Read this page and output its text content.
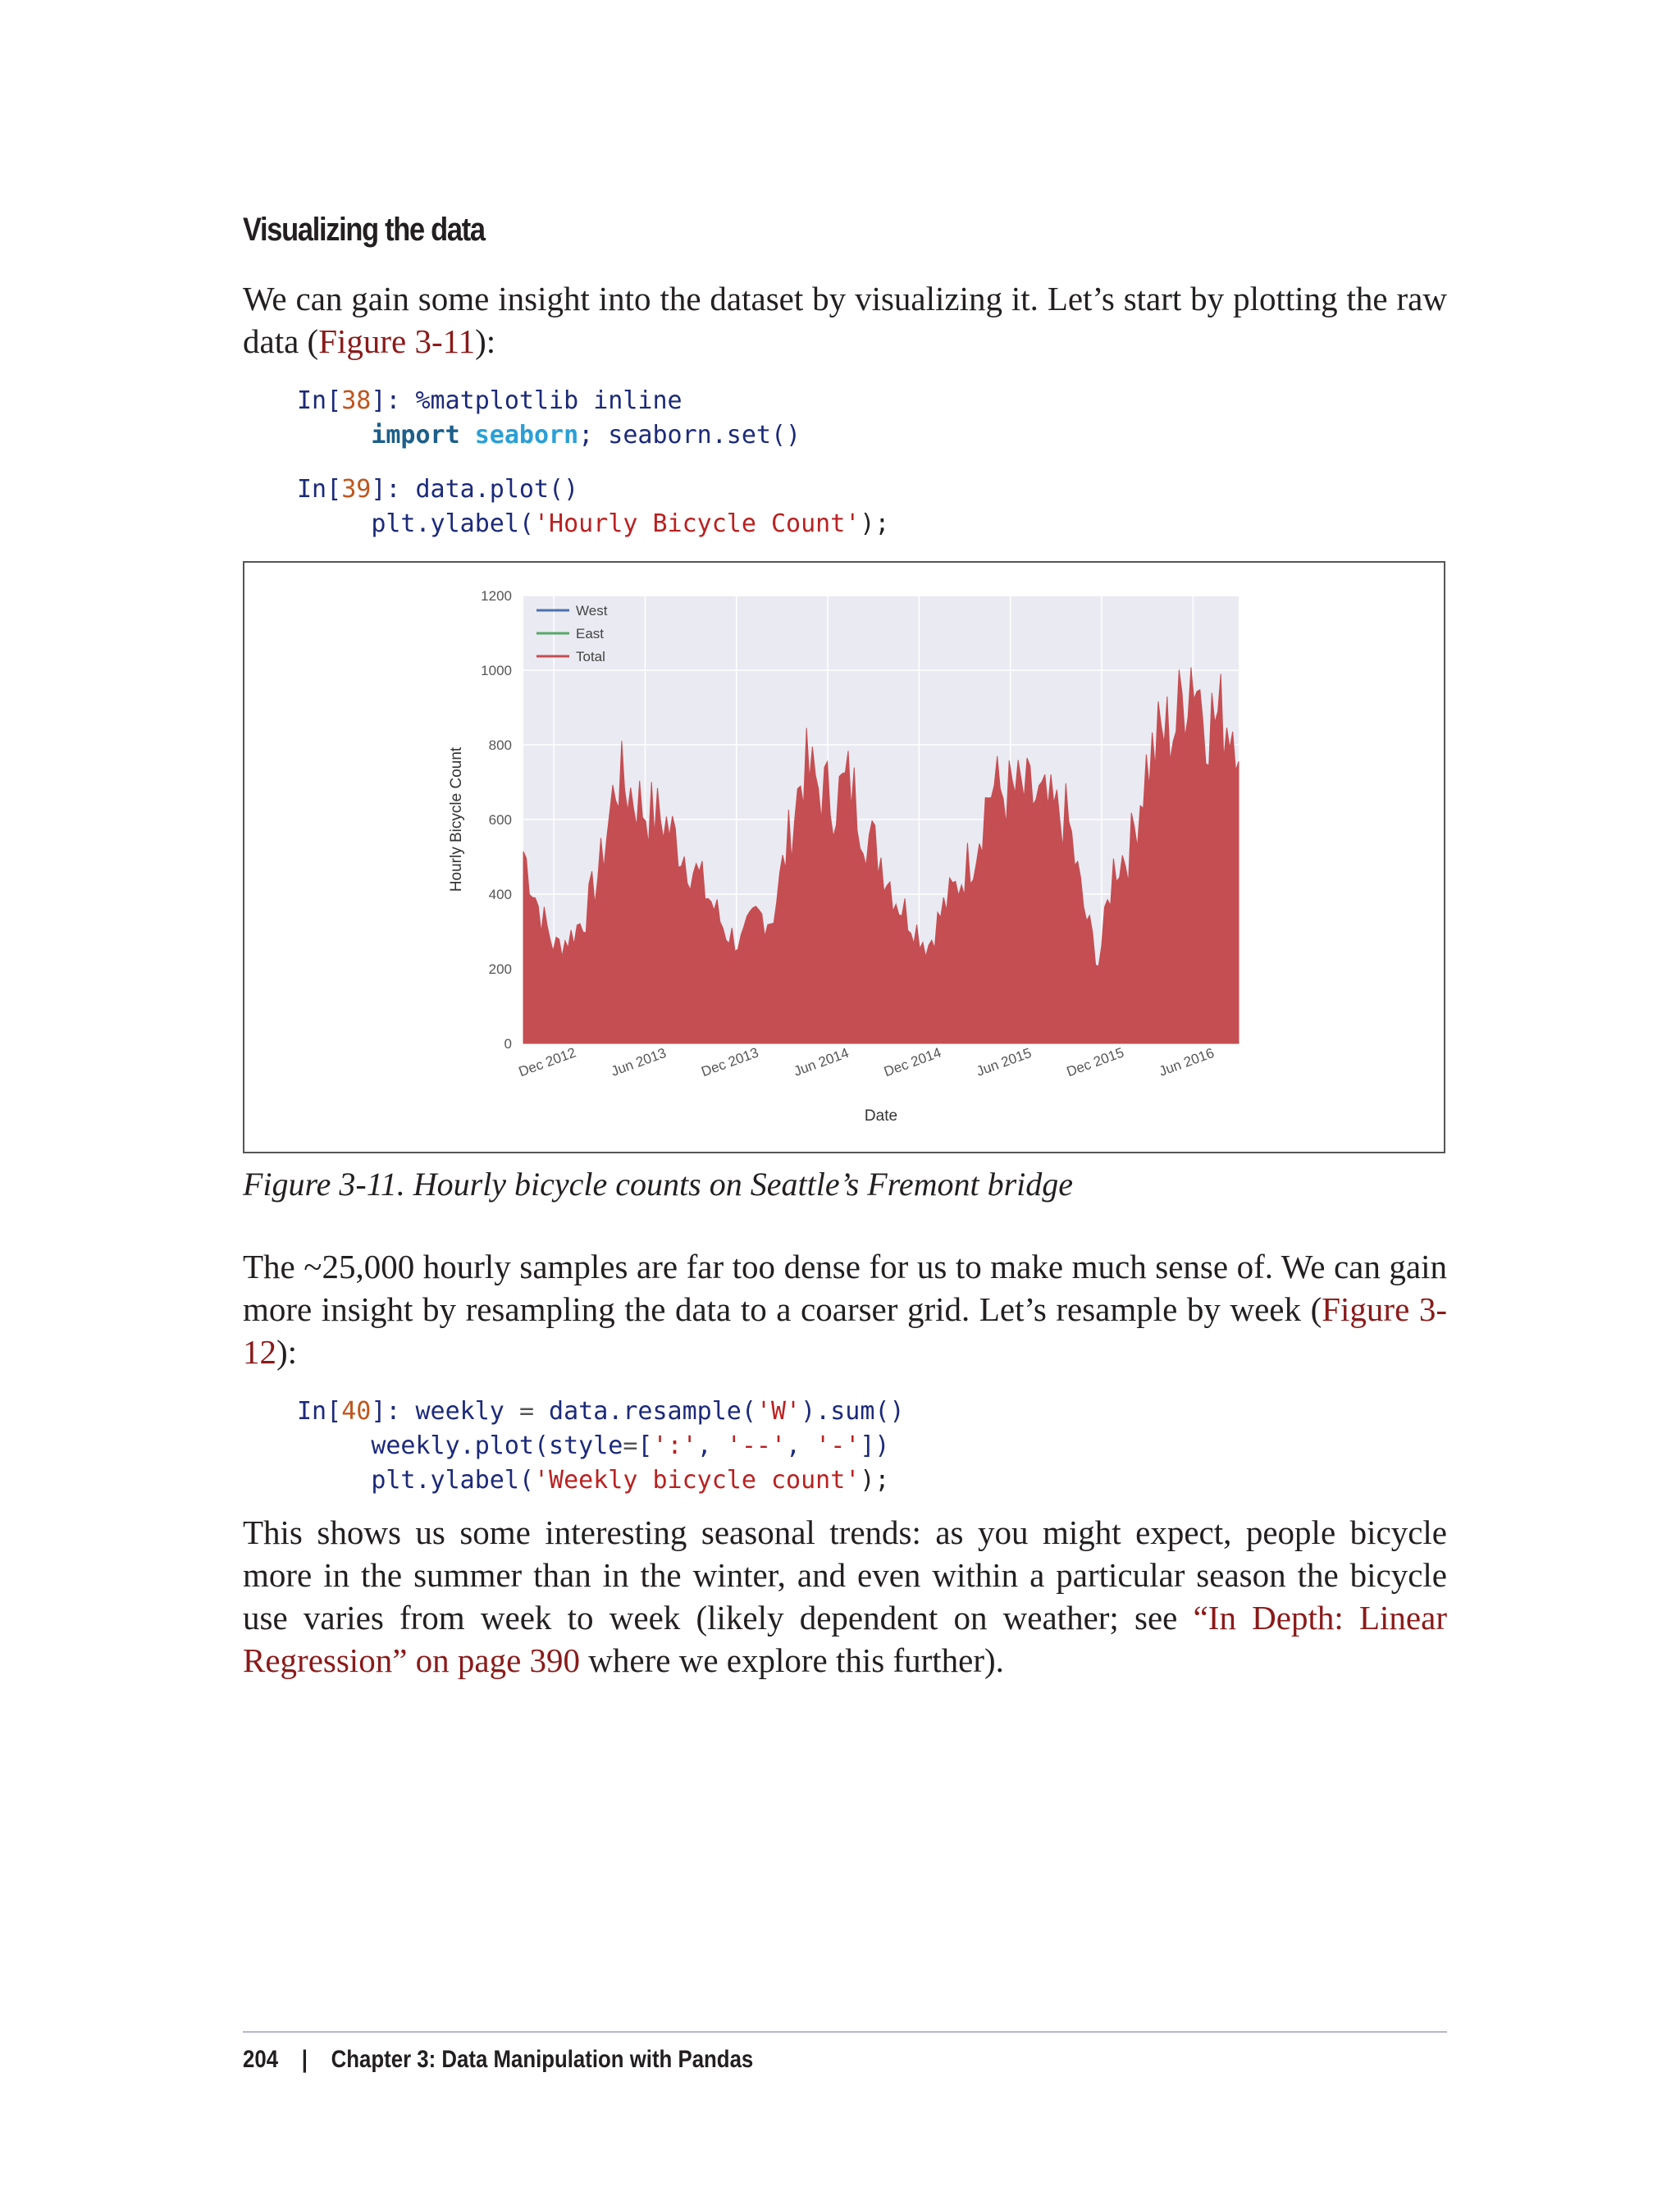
Visualizing the data
We can gain some insight into the dataset by visualizing it. Let’s start by plotting the raw data (Figure 3-11):
In[38]: %matplotlib inline
import seaborn; seaborn.set()
In[39]: data.plot()
plt.ylabel('Hourly Bicycle Count');
0
200
400
600
800
1000
1200
Dec 2012 Jun 2013 Dec 2013 Jun 2014 Dec 2014 Jun 2015 Dec 2015 Jun 2016
Hourly Bicycle Count
Date
West
East
Total
Figure 3-11. Hourly bicycle counts on Seattle’s Fremont bridge
The ~25,000 hourly samples are far too dense for us to make much sense of. We can gain more insight by resampling the data to a coarser grid. Let’s resample by week (Figure 3-12):
In[40]: weekly = data.resample('W').sum()
weekly.plot(style=[':', '--', '-'])
plt.ylabel('Weekly bicycle count');
This shows us some interesting seasonal trends: as you might expect, people bicycle more in the summer than in the winter, and even within a particular season the bicycle use varies from week to week (likely dependent on weather; see “In Depth: Linear Regression” on page 390 where we explore this further).
204 | Chapter 3: Data Manipulation with Pandas
